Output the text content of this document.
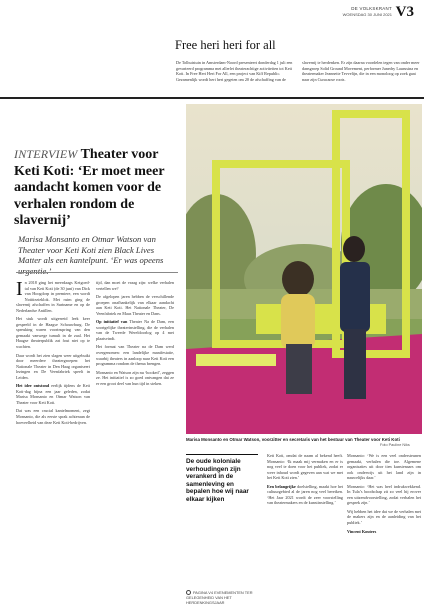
DE VOLKSKRANT
WOENSDAG 30 JUNI 2021 V3
Free heri heri for all
De Tolhuistuin in Amsterdam-Noord presenteert donderdag 1 juli een gevarieerd programma met allerlei theaterachtige activiteiten tot Keti Koti. In Free Heri Heri For All, een project van Kiff Republic. Gezamenlijk wordt heri heri gegeten om 20 de afschaffing van de
slavernij te herdenken. Er zijn daarna voordelen tegen van onder meer dansgroep Solid Ground Movement, performer Junedry Laurusina en theatermaker Jeannette Tevvelijn, die in een monoloog op zoek gaat naar zijn Curacaose roots.
INTERVIEW Theater voor Keti Koti: ‘Er moet meer aandacht komen voor de verhalen rondom de slavernij’
Marisa Monsanto en Otmar Watson van Theater voor Keti Koti zien Black Lives Matter als een kantelpunt. ‘Er was opeens urgentie.’
Marisa Monsanto en Otmar Watson, voorzitter en secretaris van het bestuur van Theater voor Keti Koti
Foto Pauline Niks

In 2018 ging het meerdaags Keigoed-tal van Keti Koti (de 30 juni) van Dick van Hoogdorp in premiere, een wordt Notitiezieklok. Met ruim ging de slavernij afschaffen in Suriname en op de Nederlandse Antillen.

Het stuk wordt uitgerreid leek keer gespeeld in de Haagse Schouwburg. De spreuking waren voorinspring van den gemaakt vanwege tumult in de zaal. Het Haagse theaterpublik zat fout niet op te wachten.

Daar wordt het zien slagen weer uitgebuikt door meerdere theatergroepen: het Nationale Theater in Den Haag organiseert lezingen en De Veenfabriek speelt in Leiden.

Het idee ontstond eerlijk tijdens de Keti Koti-dag bijna een jaar geleden, zodat Marisa Monsanto en Otmar Watson van Theater voor Keti Koti.

Dat was een crucial kantelmoment, zegt Monsanto, die als eerste sprak achteraan de hoeveelheid van deze Keti Koti-bedrijven.

tijd, dan moet de vraag zijn: welke verhalen vertellen we?

De afgelopen jaren hebben de verschillende groepen onafhankelijk van elkaar aandacht aan Keti Koti. Het Nationale Theater, De Veenfabriek en Maas Theater en Dans.

Op initiatief van Theater Na de Dam, een soortgelijke theaterinstelling, die de verhalen van de Tweede Wereldoorlog op 4 mei plaatsvindt.

Het format van Theater na de Dam werd overgenomen: een landelijke manifestatie, waarbij theaters in aanloop naar Keti Koti een programma rondom de thema brengen.

Monsanto en Watson zijn nu ‘hooked’, zeggen ze. Het initiatief is zo goed ontvangen dat ze er een groot deel van hun tijd in steken.

De oude koloniale verhoudingen zijn verankerd in de samenleving en bepalen hoe wij naar elkaar kijken

Keti Koti, omdat de naam al bekend heeft. Monsanto: ‘Ik maak mij vermaken en er is nog veel te doen voor het publiek, zodat er weer inhoud wordt gegeven aan wat we met het Keti Koti zien.’

Een belangrijke doelstelling, maakt hoe het cultuurgebied al de jaren nog veel bereiken. ‘Het Jaar 2021 wordt de zeer voorstelling van theatermakers en de kunstinstelling.’

Monsanto: ‘We is een veel ondersteunen gemaakt, verhalen die toe. Algemene organisaties uit door tien kunstenaars om ook onderwijs uit het land zijn in nauwelijks daar.’

Monsanto: ‘Het was heel indrukwekkend. In Tula’s boodschap zit zo veel hij erover een uitzendvoorstelling, zodat verhalen het gesprek zijn.’

Wij hebben het idee dat we de verhalen met de makers zijn en de aanleiding van het publiek.’

Vincent Kouters

PAGINA V4 EVENEMENTEN TER GELEGENHEID VAN HET HERDENKINGSJAAR
